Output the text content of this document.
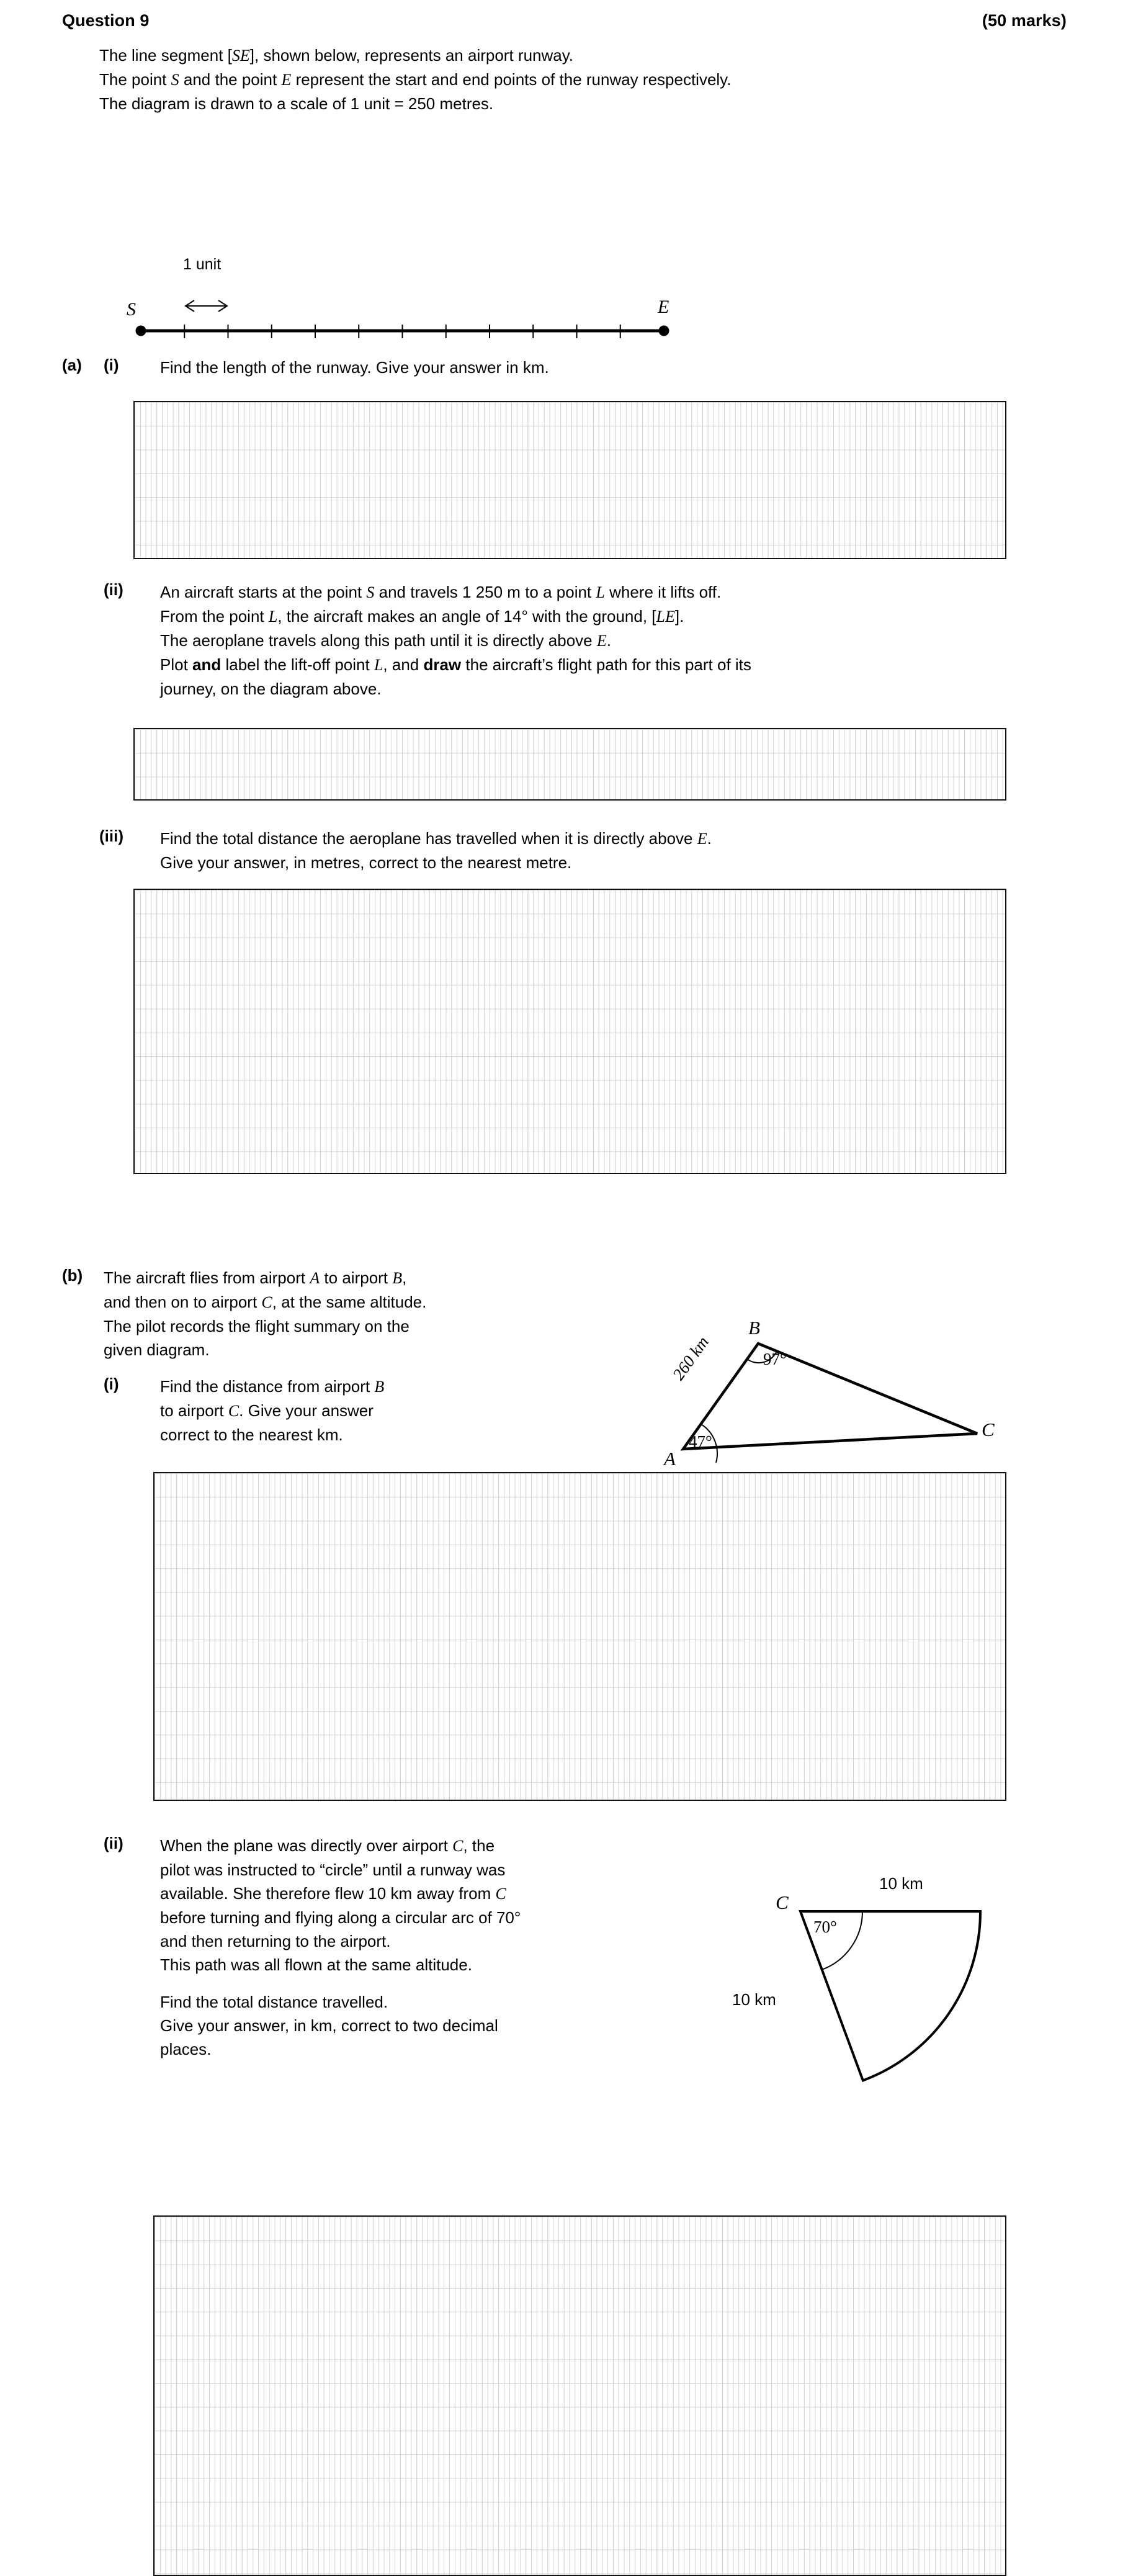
Question 9	(50 marks)
The line segment [SE], shown below, represents an airport runway.
The point S and the point E represent the start and end points of the runway respectively.
The diagram is drawn to a scale of 1 unit = 250 metres.
1 unit
S	E
(a) (i)	Find the length of the runway. Give your answer in km.
(ii) An aircraft starts at the point S and travels 1 250 m to a point L where it lifts off.
From the point L, the aircraft makes an angle of 14° with the ground, [LE].
The aeroplane travels along this path until it is directly above E.
Plot and label the lift-off point L, and draw the aircraft’s flight path for this part of its
journey, on the diagram above.
(iii) Find the total distance the aeroplane has travelled when it is directly above E.
Give your answer, in metres, correct to the nearest metre.
(b) The aircraft flies from airport A to airport B,
and then on to airport C, at the same altitude.
The pilot records the flight summary on the
given diagram.
(i)	Find the distance from airport B
to airport C. Give your answer
correct to the nearest km.
B
C
A
260 km	97°
47°
(ii) When the plane was directly over airport C, the
pilot was instructed to “circle” until a runway was
available. She therefore flew 10 km away from C
before turning and flying along a circular arc of 70°
and then returning to the airport.
This path was all flown at the same altitude.
Find the total distance travelled.
Give your answer, in km, correct to two decimal
places.
C
70°
10 km
10 km
